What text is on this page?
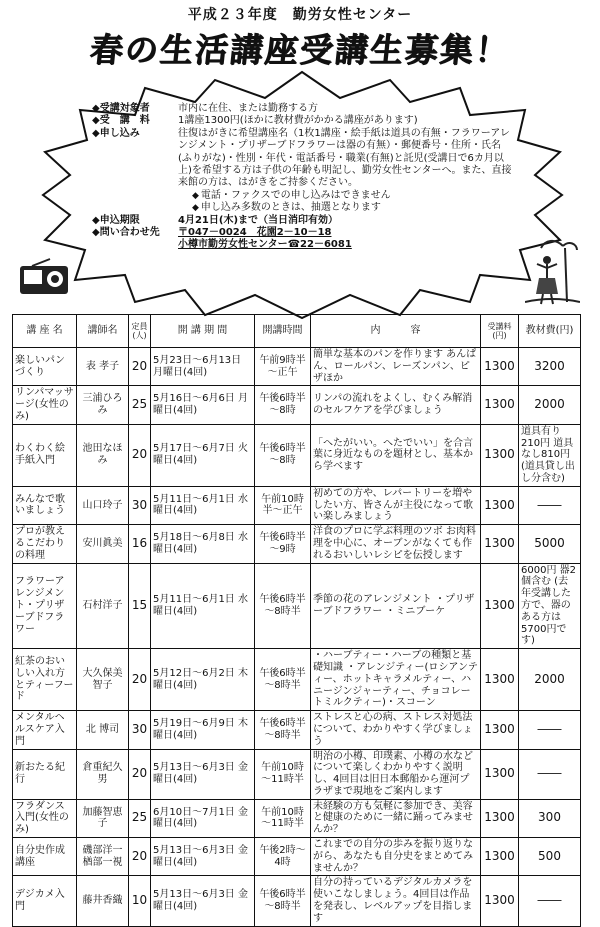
平成２３年度　勤労女性センター
春の生活講座受講生募集！
◆受講対象者	市内に在住、または勤務する方
◆受　講　料	1講座1300円(ほかに教材費がかかる講座があります)
◆申し込み	往復はがきに希望講座名（1枚1講座・絵手紙は道具の有無・フラワーアレンジメント・プリザーブドフラワーは器の有無）・郵便番号・住所・氏名(ふりがな)・性別・年代・電話番号・職業(有無)と託児(受講日で6カ月以上)を希望する方は子供の年齢も明記し、勤労女性センターへ。また、直接来館の方は、はがきをご持参ください。
◆ 電話・ファクスでの申し込みはできません
◆ 申し込み多数のときは、抽選となります
◆申込期限	4月21日(木)まで（当日消印有効）
◆問い合わせ先	〒047－0024　花園2－10－18
小樽市勤労女性センター☎22－6081
講 座 名	講師名	定員(人)	開 講 期 間	開講時間	内　　　容	受講料(円)	教材費(円)
楽しいパンづくり	表 孝子	20	5月23日～6月13日 月曜日(4回)	午前9時半～正午	簡単な基本のパンを作ります あんぱん、ロールパン、レーズンパン、ピザほか	1300	3200
リンパマッサージ(女性のみ)	三浦ひろみ	25	5月16日～6月6日 月曜日(4回)	午後6時半～8時	リンパの流れをよくし、むくみ解消のセルフケアを学びましょう	1300	2000
わくわく絵手紙入門	池田なほみ	20	5月17日～6月7日 火曜日(4回)	午後6時半～8時	「へたがいい。へたでいい」を合言葉に身近なものを題材とし、基本から学べます	1300	道具有り210円 道具なし810円 (道具貸し出し分含む)
みんなで歌いましょう	山口玲子	30	5月11日～6月1日 水曜日(4回)	午前10時半～正午	初めての方や、レパートリーを増やしたい方、皆さんが主役になって歌い楽しみましょう	1300	――
プロが教えるこだわりの料理	安川眞美	16	5月18日～6月8日 水曜日(4回)	午後6時半～9時	洋食のプロに学ぶ料理のツボ お肉料理を中心に、オーブンがなくても作れるおいしいレシピを伝授します	1300	5000
フラワーアレンジメント・プリザーブドフラワー	石村洋子	15	5月11日～6月1日 水曜日(4回)	午後6時半～8時半	季節の花のアレンジメント ・プリザーブドフラワー ・ミニブーケ	1300	6000円 器2個含む (去年受講した方で、器のある方は5700円です)
紅茶のおいしい入れ方とティーフード	大久保美智子	20	5月12日～6月2日 木曜日(4回)	午後6時半～8時半	・ハーブティー・ハーブの種類と基礎知識 ・アレンジティー(ロシアンティー、ホットキャラメルティー、ハニージンジャーティー、チョコレートミルクティー)・スコーン	1300	2000
メンタルヘルスケア入門	北 博司	30	5月19日～6月9日 木曜日(4回)	午後6時半～8時半	ストレスと心の病、ストレス対処法について、わかりやすく学びましょう	1300	――
新おたる紀行	倉重紀久男	20	5月13日～6月3日 金曜日(4回)	午前10時～11時半	明治の小樽、印璞素、小樽の水などについて楽しくわかりやすく説明し、4回目は旧日本郵船から運河プラザまで現地をご案内します	1300	――
フラダンス入門(女性のみ)	加藤智恵子	25	6月10日～7月1日 金曜日(4回)	午前10時～11時半	未経験の方も気軽に参加でき、美容と健康のために一緒に踊ってみませんか？	1300	300
自分史作成講座	磯部洋一 楢部一視	20	5月13日～6月3日 金曜日(4回)	午後2時～4時	これまでの自分の歩みを振り返りながら、あなたも自分史をまとめてみませんか？	1300	500
デジカメ入門	藤井香織	10	5月13日～6月3日 金曜日(4回)	午後6時半～8時半	自分の持っているデジタルカメラを使いこなしましょう。4回目は作品を発表し、レベルアップを目指します	1300	――
